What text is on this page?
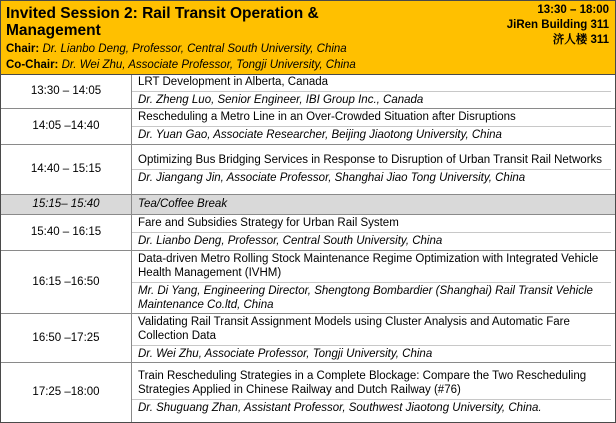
Invited Session 2: Rail Transit Operation & Management
13:30 – 18:00
JiRen Building 311
济人楼 311
Chair: Dr. Lianbo Deng, Professor, Central South University, China
Co-Chair: Dr. Wei Zhu, Associate Professor, Tongji University, China
13:30 – 14:05	LRT Development in Alberta, Canada
Dr. Zheng Luo, Senior Engineer, IBI Group Inc., Canada

14:05 –14:40	Rescheduling a Metro Line in an Over-Crowded Situation after Disruptions
Dr. Yuan Gao, Associate Researcher, Beijing Jiaotong University, China

14:40 – 15:15	Optimizing Bus Bridging Services in Response to Disruption of Urban Transit Rail Networks
Dr. Jiangang Jin, Associate Professor, Shanghai Jiao Tong University, China

15:15– 15:40	Tea/Coffee Break
15:40 – 16:15	Fare and Subsidies Strategy for Urban Rail System
Dr. Lianbo Deng, Professor, Central South University, China

16:15 –16:50	Data-driven Metro Rolling Stock Maintenance Regime Optimization with Integrated Vehicle Health Management (IVHM)
Mr. Di Yang, Engineering Director, Shengtong Bombardier (Shanghai) Rail Transit Vehicle Maintenance Co.ltd, China

16:50 –17:25	Validating Rail Transit Assignment Models using Cluster Analysis and Automatic Fare Collection Data
Dr. Wei Zhu, Associate Professor, Tongji University, China

17:25 –18:00	Train Rescheduling Strategies in a Complete Blockage: Compare the Two Rescheduling Strategies Applied in Chinese Railway and Dutch Railway (#76)
Dr. Shuguang Zhan, Assistant Professor, Southwest Jiaotong University, China.
